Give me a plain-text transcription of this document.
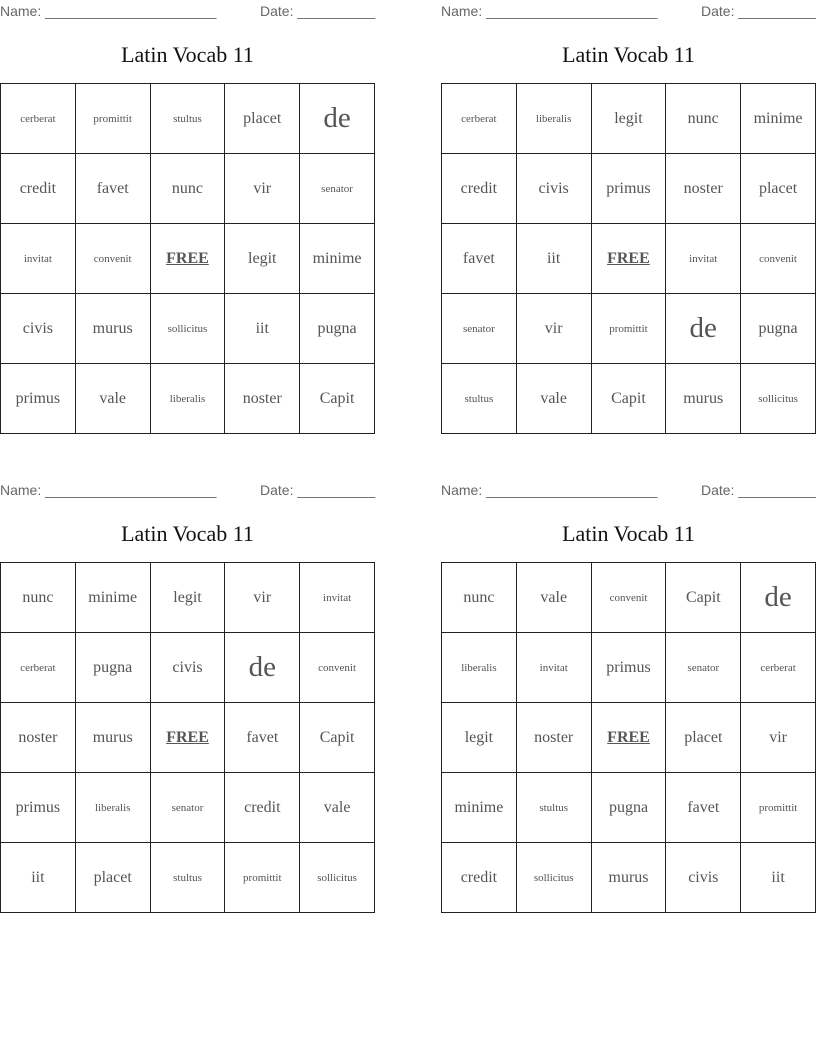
Name: ______________________	Date: __________
Latin Vocab 11
cerberat	promittit	stultus	placet	de
credit	favet	nunc	vir	senator
invitat	convenit	FREE	legit	minime
civis	murus	sollicitus	iit	pugna
primus	vale	liberalis	noster	Capit
Name: ______________________	Date: __________
Latin Vocab 11
cerberat	liberalis	legit	nunc	minime
credit	civis	primus	noster	placet
favet	iit	FREE	invitat	convenit
senator	vir	promittit	de	pugna
stultus	vale	Capit	murus	sollicitus
Name: ______________________	Date: __________
Latin Vocab 11
nunc	minime	legit	vir	invitat
cerberat	pugna	civis	de	convenit
noster	murus	FREE	favet	Capit
primus	liberalis	senator	credit	vale
iit	placet	stultus	promittit	sollicitus
Name: ______________________	Date: __________
Latin Vocab 11
nunc	vale	convenit	Capit	de
liberalis	invitat	primus	senator	cerberat
legit	noster	FREE	placet	vir
minime	stultus	pugna	favet	promittit
credit	sollicitus	murus	civis	iit
